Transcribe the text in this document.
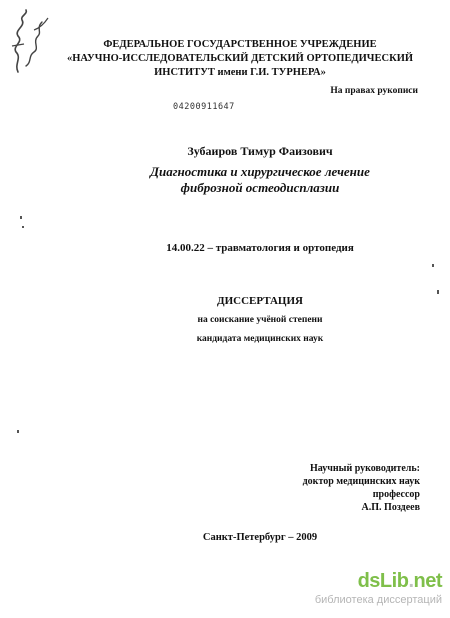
ФЕДЕРАЛЬНОЕ ГОСУДАРСТВЕННОЕ УЧРЕЖДЕНИЕ
«НАУЧНО-ИССЛЕДОВАТЕЛЬСКИЙ ДЕТСКИЙ ОРТОПЕДИЧЕСКИЙ
ИНСТИТУТ имени Г.И. ТУРНЕРА»
На правах рукописи
04200911647
Зубаиров Тимур Фаизович
Диагностика и хирургическое лечение
фиброзной остеодисплазии
14.00.22 – травматология и ортопедия
ДИССЕРТАЦИЯ
на соискание учёной степени
кандидата медицинских наук
Научный руководитель:
доктор медицинских наук
профессор
А.П. Поздеев
Санкт-Петербург – 2009
dsLib.net
библиотека диссертаций
